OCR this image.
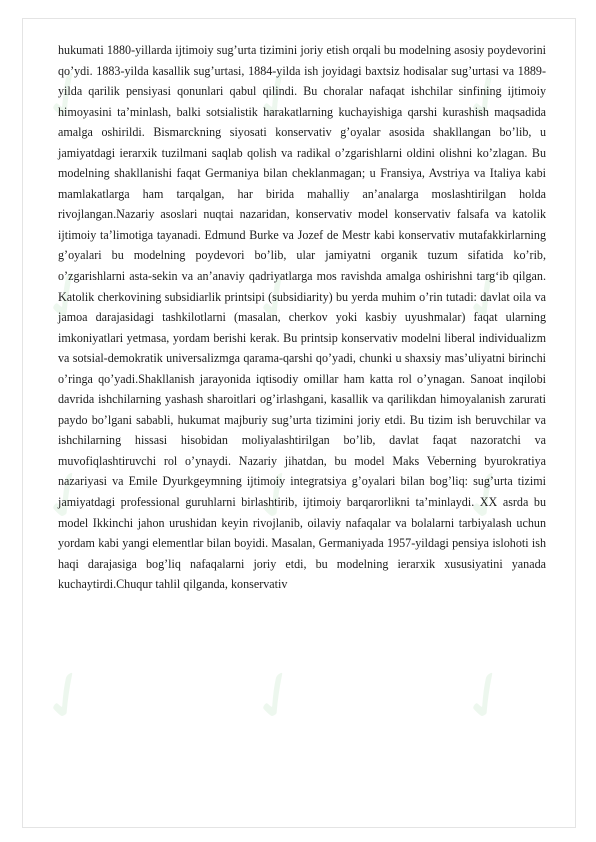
✓ ✓ ✓
✓ ✓ ✓
✓ ✓ ✓
✓ ✓ ✓

hukumati 1880-yillarda ijtimoiy sug’urta tizimini joriy etish orqali bu modelning asosiy poydevorini qo’ydi. 1883-yilda kasallik sug’urtasi, 1884-yilda ish joyidagi baxtsiz hodisalar sug’urtasi va 1889-yilda qarilik pensiyasi qonunlari qabul qilindi. Bu choralar nafaqat ishchilar sinfining ijtimoiy himoyasini ta’minlash, balki sotsialistik harakatlarning kuchayishiga qarshi kurashish maqsadida amalga oshirildi. Bismarckning siyosati konservativ g’oyalar asosida shakllangan bo’lib, u jamiyatdagi ierarxik tuzilmani saqlab qolish va radikal o’zgarishlarni oldini olishni ko’zlagan. Bu modelning shakllanishi faqat Germaniya bilan cheklanmagan; u Fransiya, Avstriya va Italiya kabi mamlakatlarga ham tarqalgan, har birida mahalliy an’analarga moslashtirilgan holda rivojlangan.Nazariy asoslari nuqtai nazaridan, konservativ model konservativ falsafa va katolik ijtimoiy ta’limotiga tayanadi. Edmund Burke va Jozef de Mestr kabi konservativ mutafakkirlarning g’oyalari bu modelning poydevori bo’lib, ular jamiyatni organik tuzum sifatida ko’rib, o’zgarishlarni asta-sekin va an’anaviy qadriyatlarga mos ravishda amalga oshirishni targ‘ib qilgan. Katolik cherkovining subsidiarlik printsipi (subsidiarity) bu yerda muhim o’rin tutadi: davlat oila va jamoa darajasidagi tashkilotlarni (masalan, cherkov yoki kasbiy uyushmalar) faqat ularning imkoniyatlari yetmasa, yordam berishi kerak. Bu printsip konservativ modelni liberal individualizm va sotsial-demokratik universalizmga qarama-qarshi qo’yadi, chunki u shaxsiy mas’uliyatni birinchi o’ringa qo’yadi.Shakllanish jarayonida iqtisodiy omillar ham katta rol o’ynagan. Sanoat inqilobi davrida ishchilarning yashash sharoitlari og’irlashgani, kasallik va qarilikdan himoyalanish zarurati paydo bo’lgani sababli, hukumat majburiy sug’urta tizimini joriy etdi. Bu tizim ish beruvchilar va ishchilarning hissasi hisobidan moliyalashtirilgan bo’lib, davlat faqat nazoratchi va muvofiqlashtiruvchi rol o’ynaydi. Nazariy jihatdan, bu model Maks Veberning byurokratiya nazariyasi va Emile Dyurkgeymning ijtimoiy integratsiya g’oyalari bilan bog’liq: sug’urta tizimi jamiyatdagi professional guruhlarni birlashtirib, ijtimoiy barqarorlikni ta’minlaydi. XX asrda bu model Ikkinchi jahon urushidan keyin rivojlanib, oilaviy nafaqalar va bolalarni tarbiyalash uchun yordam kabi yangi elementlar bilan boyidi. Masalan, Germaniyada 1957-yildagi pensiya islohoti ish haqi darajasiga bog’liq nafaqalarni joriy etdi, bu modelning ierarxik xususiyatini yanada kuchaytirdi.Chuqur tahlil qilganda, konservativ
